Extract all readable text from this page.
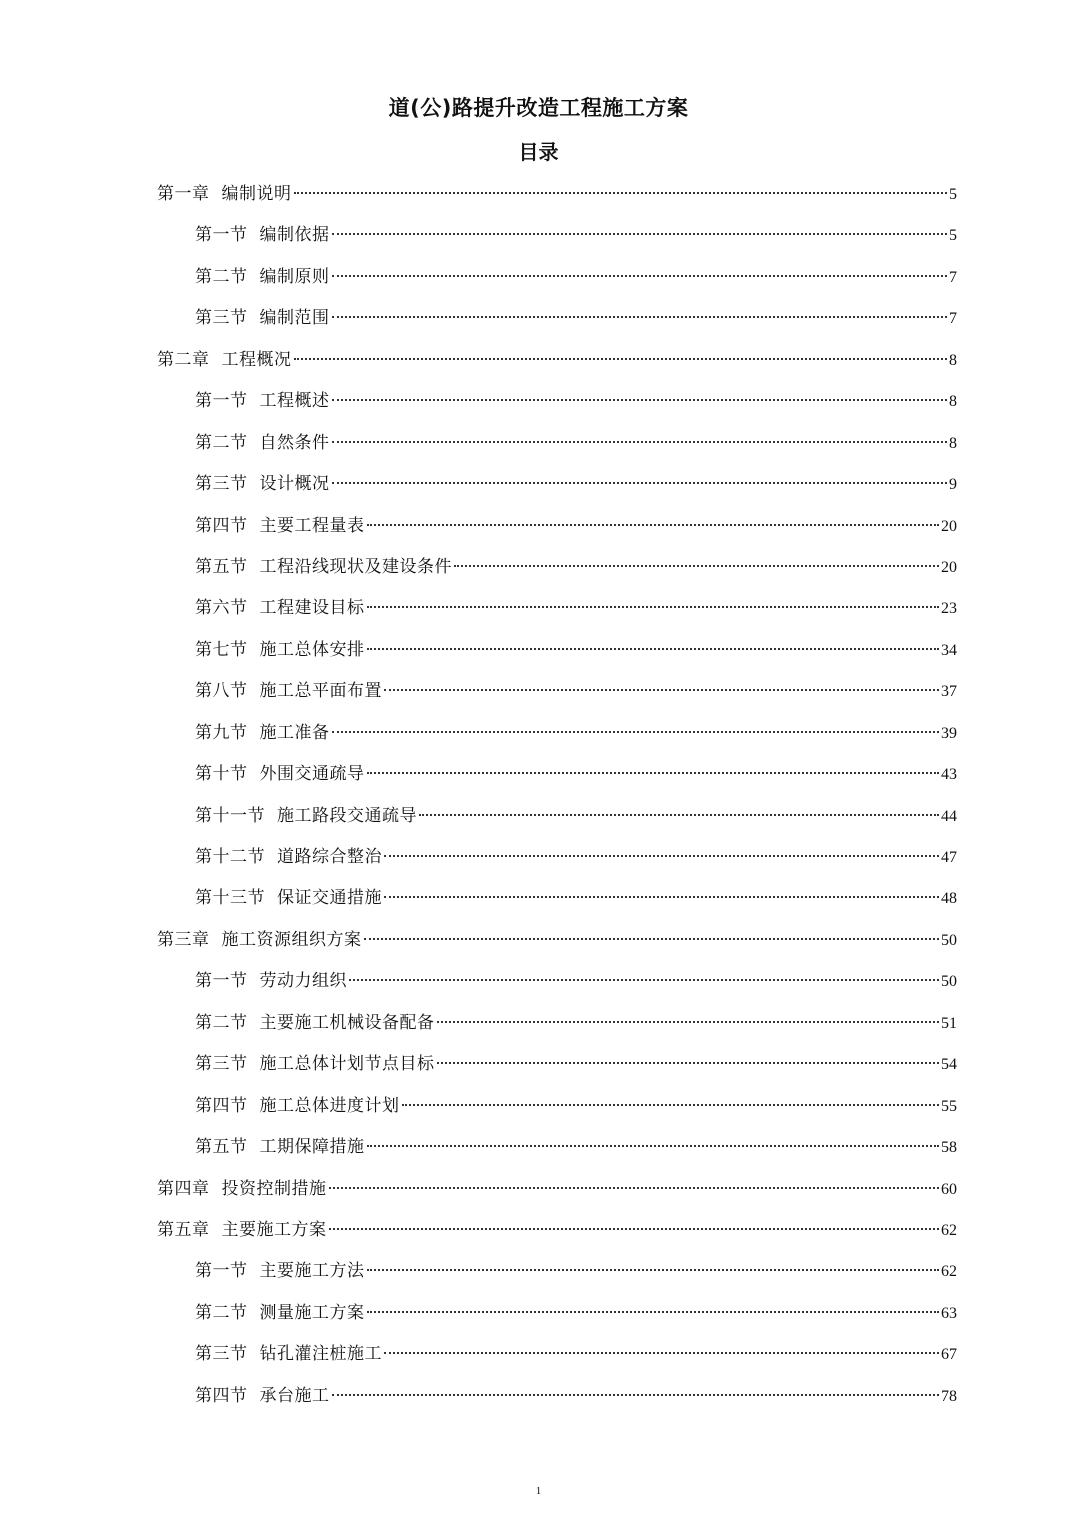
道(公)路提升改造工程施工方案
目录
第一章 编制说明	5
第一节 编制依据	5
第二节 编制原则	7
第三节 编制范围	7
第二章 工程概况	8
第一节 工程概述	8
第二节 自然条件	8
第三节 设计概况	9
第四节 主要工程量表	20
第五节 工程沿线现状及建设条件	20
第六节 工程建设目标	23
第七节 施工总体安排	34
第八节 施工总平面布置	37
第九节 施工准备	39
第十节 外围交通疏导	43
第十一节 施工路段交通疏导	44
第十二节 道路综合整治	47
第十三节 保证交通措施	48
第三章 施工资源组织方案	50
第一节 劳动力组织	50
第二节 主要施工机械设备配备	51
第三节 施工总体计划节点目标	54
第四节 施工总体进度计划	55
第五节 工期保障措施	58
第四章 投资控制措施	60
第五章 主要施工方案	62
第一节 主要施工方法	62
第二节 测量施工方案	63
第三节 钻孔灌注桩施工	67
第四节 承台施工	78
1
